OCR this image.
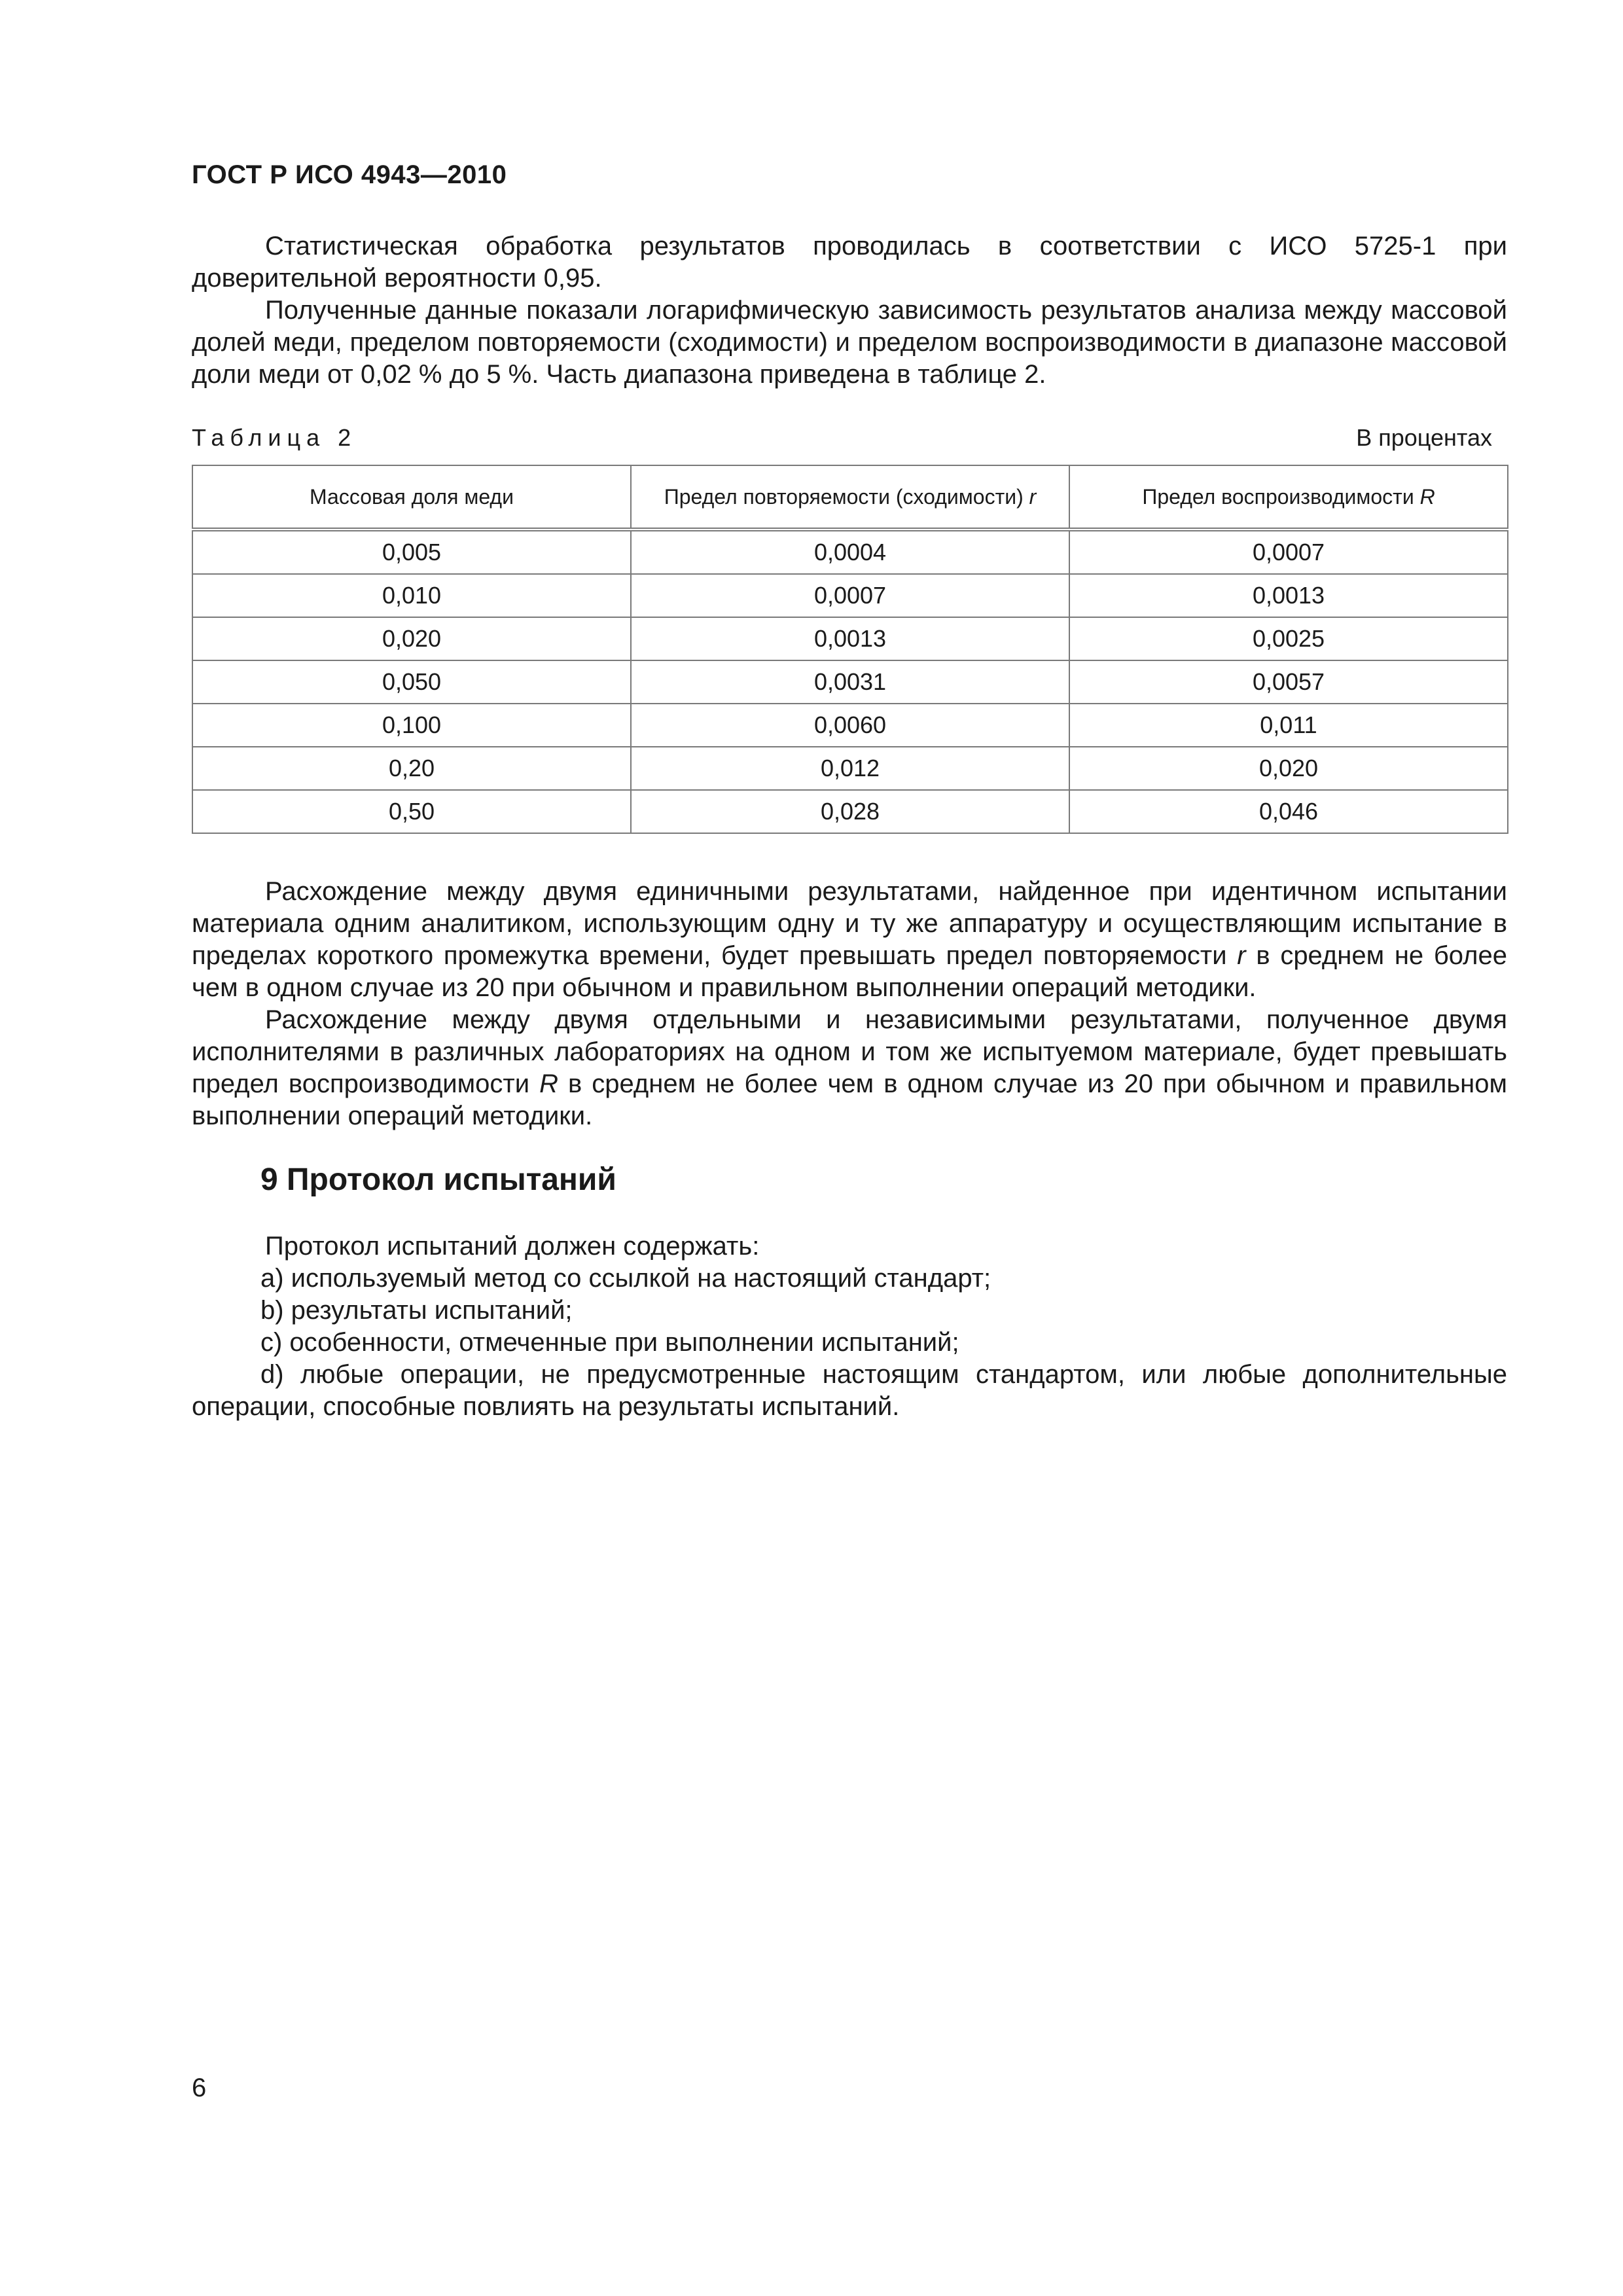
ГОСТ Р ИСО 4943—2010

Статистическая обработка результатов проводилась в соответствии с ИСО 5725-1 при доверительной вероятности 0,95.

Полученные данные показали логарифмическую зависимость результатов анализа между массовой долей меди, пределом повторяемости (сходимости) и пределом воспроизводимости в диапазоне массовой доли меди от 0,02 % до 5 %. Часть диапазона приведена в таблице 2.

Таблица 2	В процентах
Массовая доля меди	Предел повторяемости (сходимости) r	Предел воспроизводимости R
0,005	0,0004	0,0007
0,010	0,0007	0,0013
0,020	0,0013	0,0025
0,050	0,0031	0,0057
0,100	0,0060	0,011
0,20	0,012	0,020
0,50	0,028	0,046

Расхождение между двумя единичными результатами, найденное при идентичном испытании материала одним аналитиком, использующим одну и ту же аппаратуру и осуществляющим испытание в пределах короткого промежутка времени, будет превышать предел повторяемости r в среднем не более чем в одном случае из 20 при обычном и правильном выполнении операций методики.

Расхождение между двумя отдельными и независимыми результатами, полученное двумя исполнителями в различных лабораториях на одном и том же испытуемом материале, будет превышать предел воспроизводимости R в среднем не более чем в одном случае из 20 при обычном и правильном выполнении операций методики.

9 Протокол испытаний

Протокол испытаний должен содержать:

a) используемый метод со ссылкой на настоящий стандарт;

b) результаты испытаний;

c) особенности, отмеченные при выполнении испытаний;

d) любые операции, не предусмотренные настоящим стандартом, или любые дополнительные операции, способные повлиять на результаты испытаний.

6
